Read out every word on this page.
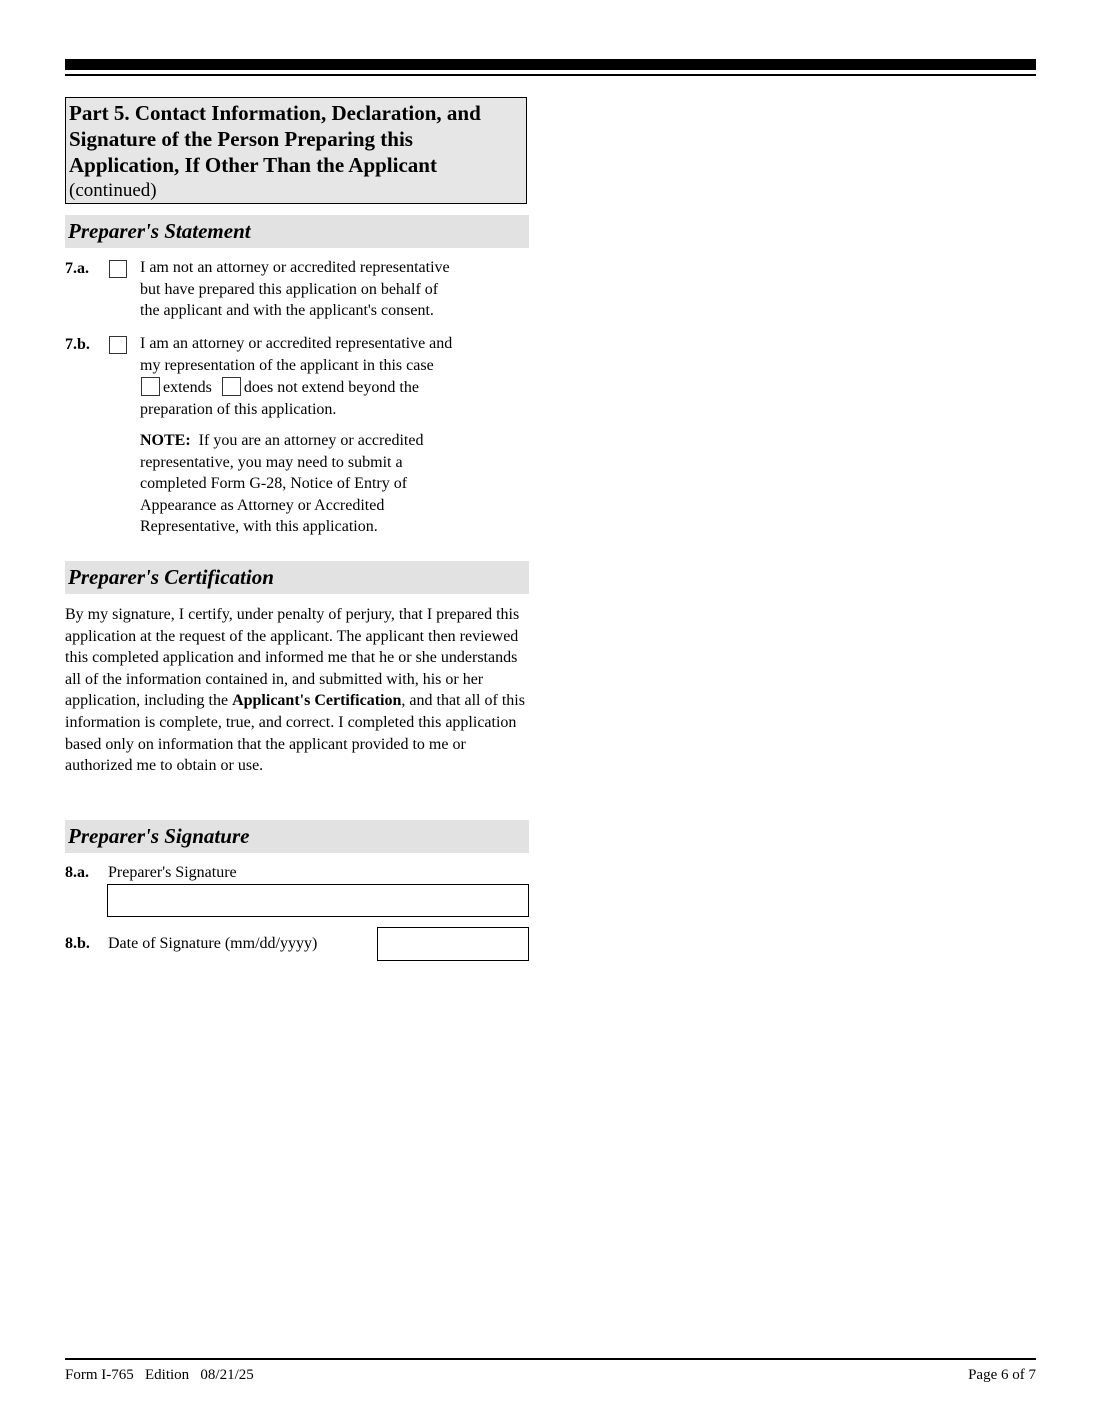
Part 5. Contact Information, Declaration, and
Signature of the Person Preparing this
Application, If Other Than the Applicant
(continued)
Preparer's Statement
7.a.	I am not an attorney or accredited representative
but have prepared this application on behalf of
the applicant and with the applicant's consent.
7.b.	I am an attorney or accredited representative and
my representation of the applicant in this case
extends does not extend beyond the
preparation of this application.
NOTE:  If you are an attorney or accredited
representative, you may need to submit a
completed Form G-28, Notice of Entry of
Appearance as Attorney or Accredited
Representative, with this application.
Preparer's Certification
By my signature, I certify, under penalty of perjury, that I prepared this application at the request of the applicant. The applicant then reviewed this completed application and informed me that he or she understands all of the information contained in, and submitted with, his or her application, including the Applicant's Certification, and that all of this information is complete, true, and correct. I completed this application based only on information that the applicant provided to me or authorized me to obtain or use.
Preparer's Signature
8.a. Preparer's Signature
8.b. Date of Signature (mm/dd/yyyy)
Form I-765   Edition   08/21/25	Page 6 of 7
